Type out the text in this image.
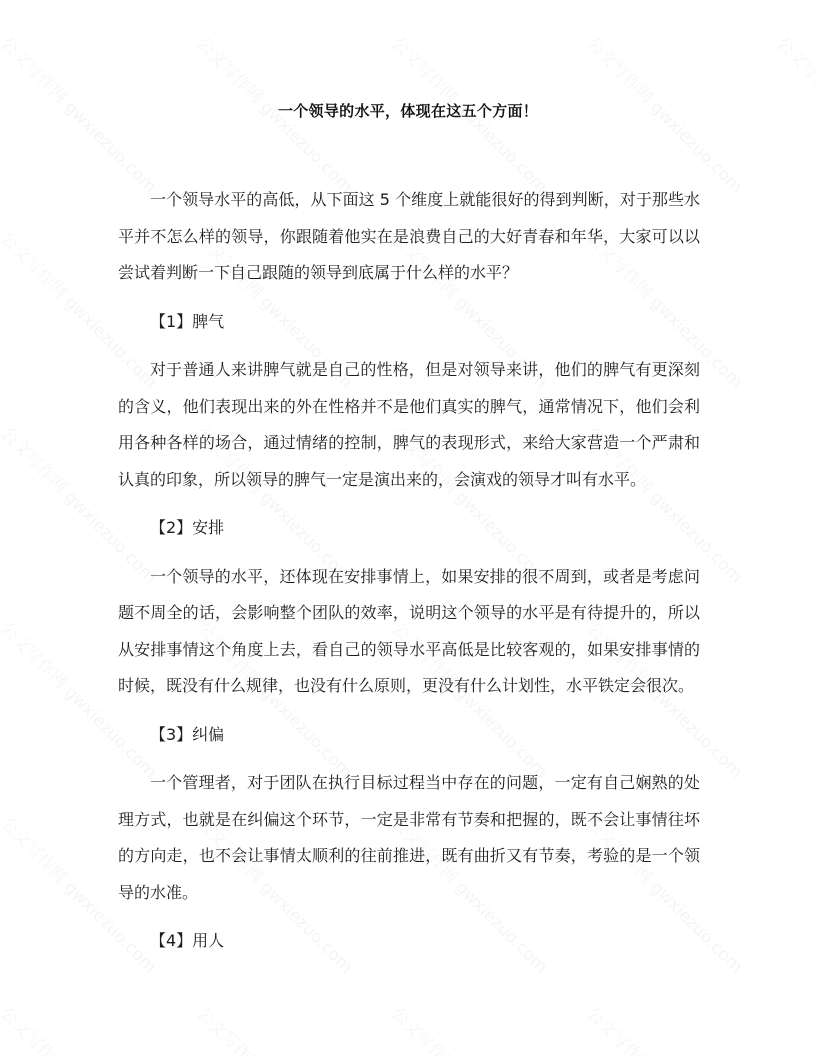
一个领导的水平，体现在这五个方面！

一个领导水平的高低，从下面这 5 个维度上就能很好的得到判断，对于那些水平并不怎么样的领导，你跟随着他实在是浪费自己的大好青春和年华，大家可以以尝试着判断一下自己跟随的领导到底属于什么样的水平？

【1】脾气

对于普通人来讲脾气就是自己的性格，但是对领导来讲，他们的脾气有更深刻的含义，他们表现出来的外在性格并不是他们真实的脾气，通常情况下，他们会利用各种各样的场合，通过情绪的控制，脾气的表现形式，来给大家营造一个严肃和认真的印象，所以领导的脾气一定是演出来的，会演戏的领导才叫有水平。

【2】安排

一个领导的水平，还体现在安排事情上，如果安排的很不周到，或者是考虑问题不周全的话，会影响整个团队的效率，说明这个领导的水平是有待提升的，所以从安排事情这个角度上去，看自己的领导水平高低是比较客观的，如果安排事情的时候，既没有什么规律，也没有什么原则，更没有什么计划性，水平铁定会很次。

【3】纠偏

一个管理者，对于团队在执行目标过程当中存在的问题，一定有自己娴熟的处理方式，也就是在纠偏这个环节，一定是非常有节奏和把握的，既不会让事情往坏的方向走，也不会让事情太顺利的往前推进，既有曲折又有节奏，考验的是一个领导的水准。

【4】用人
